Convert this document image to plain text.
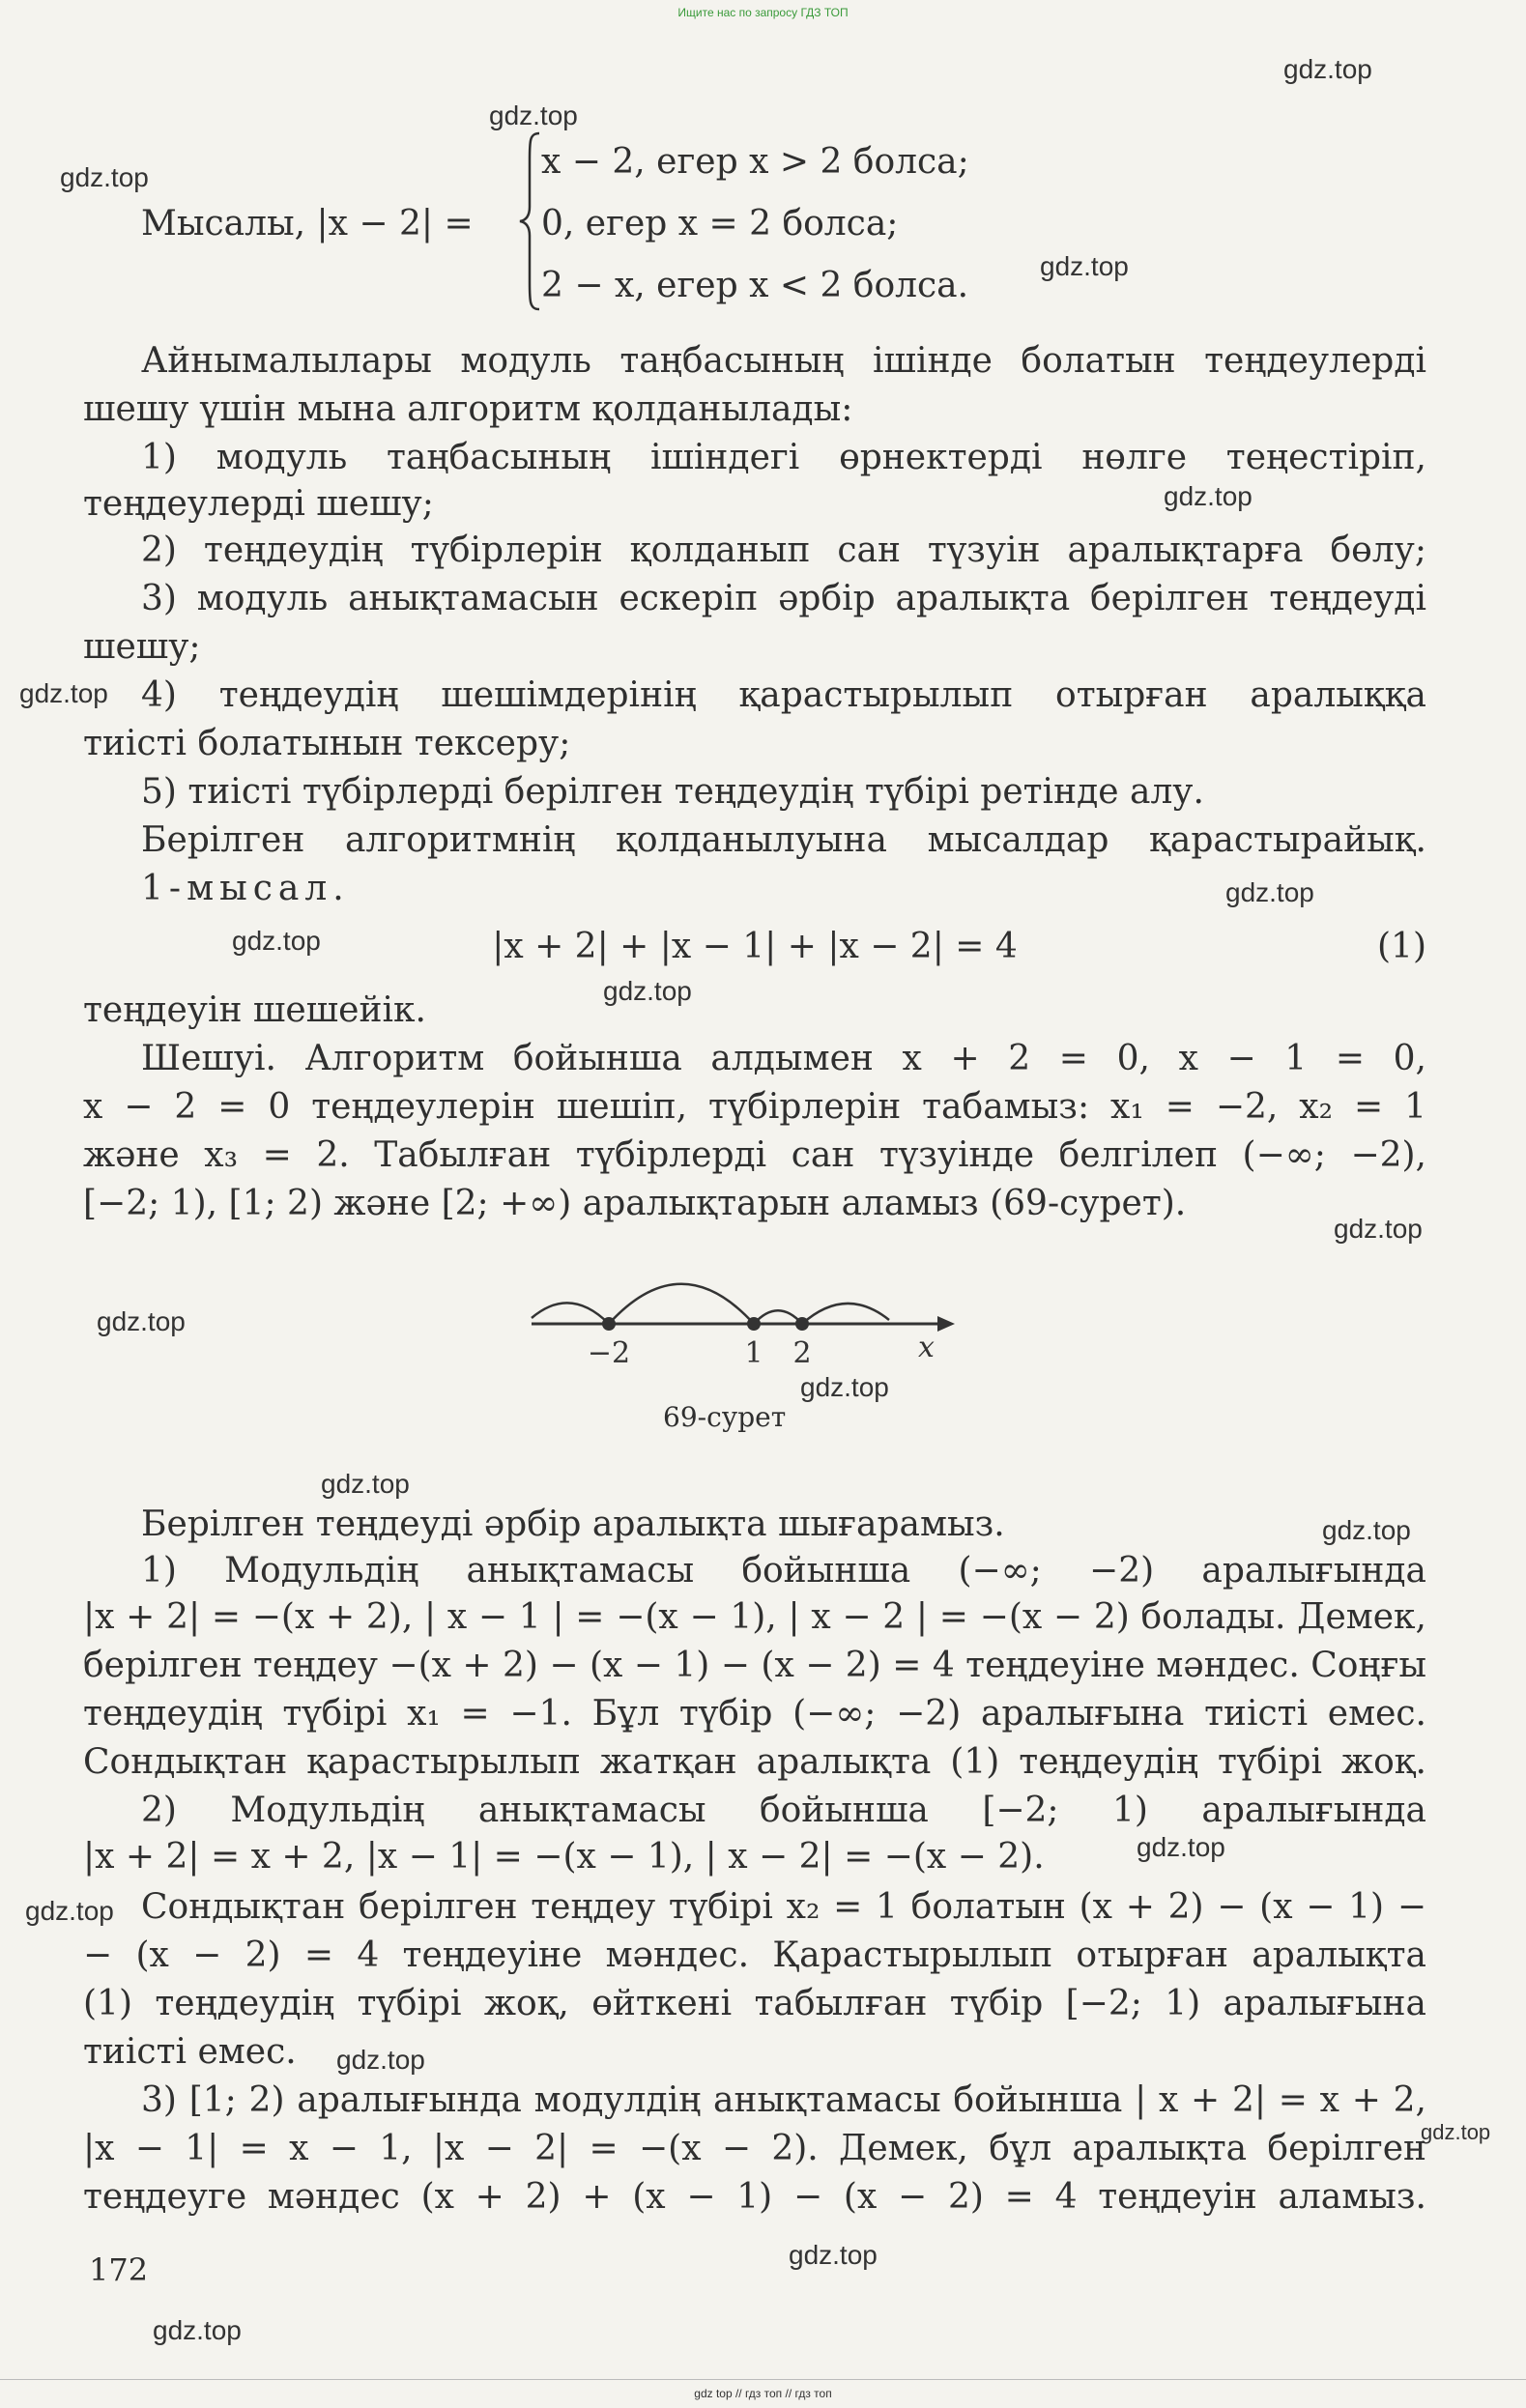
Ищите нас по запросу ГДЗ ТОП
gdz.top
gdz.top
gdz.top
gdz.top
gdz.top
gdz.top
gdz.top
gdz.top
gdz.top
gdz.top
gdz.top
gdz.top
gdz.top
gdz.top
gdz.top
gdz.top
gdz.top
gdz.top
gdz.top
gdz.top
Мысалы, |x − 2| =
x − 2, егер x > 2 болса;
0, егер x = 2 болса;
2 − x, егер x < 2 болса.
Айнымалылары модуль таңбасының ішінде болатын теңдеулерді
шешу үшін мына алгоритм қолданылады:
1) модуль таңбасының ішіндегі өрнектерді нөлге теңестіріп,
теңдеулерді шешу;
2) теңдеудің түбірлерін қолданып сан түзуін аралықтарға бөлу;
3) модуль анықтамасын ескеріп әрбір аралықта берілген теңдеуді
шешу;
4) теңдеудің шешімдерінің қарастырылып отырған аралыққа
тиісті болатынын тексеру;
5) тиісті түбірлерді берілген теңдеудің түбірі ретінде алу.
Берілген алгоритмнің қолданылуына мысалдар қарастырайық.
1-мысал.
|x + 2| + |x − 1| + |x − 2| = 4	(1)
теңдеуін шешейік.
Шешуі. Алгоритм бойынша алдымен x + 2 = 0, x − 1 = 0,
x − 2 = 0 теңдеулерін шешіп, түбірлерін табамыз: x₁ = −2, x₂ = 1
және x₃ = 2. Табылған түбірлерді сан түзуінде белгілеп (−∞; −2),
[−2; 1), [1; 2) және [2; +∞) аралықтарын аламыз (69-сурет).
−2	1 2	x
69-сурет
Берілген теңдеуді әрбір аралықта шығарамыз.
1) Модульдің анықтамасы бойынша (−∞; −2) аралығында
|x + 2| = −(x + 2), | x − 1 | = −(x − 1), | x − 2 | = −(x − 2) болады. Демек,
берілген теңдеу −(x + 2) − (x − 1) − (x − 2) = 4 теңдеуіне мәндес. Соңғы
теңдеудің түбірі x₁ = −1. Бұл түбір (−∞; −2) аралығына тиісті емес.
Сондықтан қарастырылып жатқан аралықта (1) теңдеудің түбірі жоқ.
2) Модульдің анықтамасы бойынша [−2; 1) аралығында
|x + 2| = x + 2, |x − 1| = −(x − 1), | x − 2| = −(x − 2).
Сондықтан берілген теңдеу түбірі x₂ = 1 болатын (x + 2) − (x − 1) −
− (x − 2) = 4 теңдеуіне мәндес. Қарастырылып отырған аралықта
(1) теңдеудің түбірі жоқ, өйткені табылған түбір [−2; 1) аралығына
тиісті емес.
3) [1; 2) аралығында модулдің анықтамасы бойынша | x + 2| = x + 2,
|x − 1| = x − 1, |x − 2| = −(x − 2). Демек, бұл аралықта берілген
теңдеуге мәндес (x + 2) + (x − 1) − (x − 2) = 4 теңдеуін аламыз.
172
gdz top // гдз топ // гдз топ
